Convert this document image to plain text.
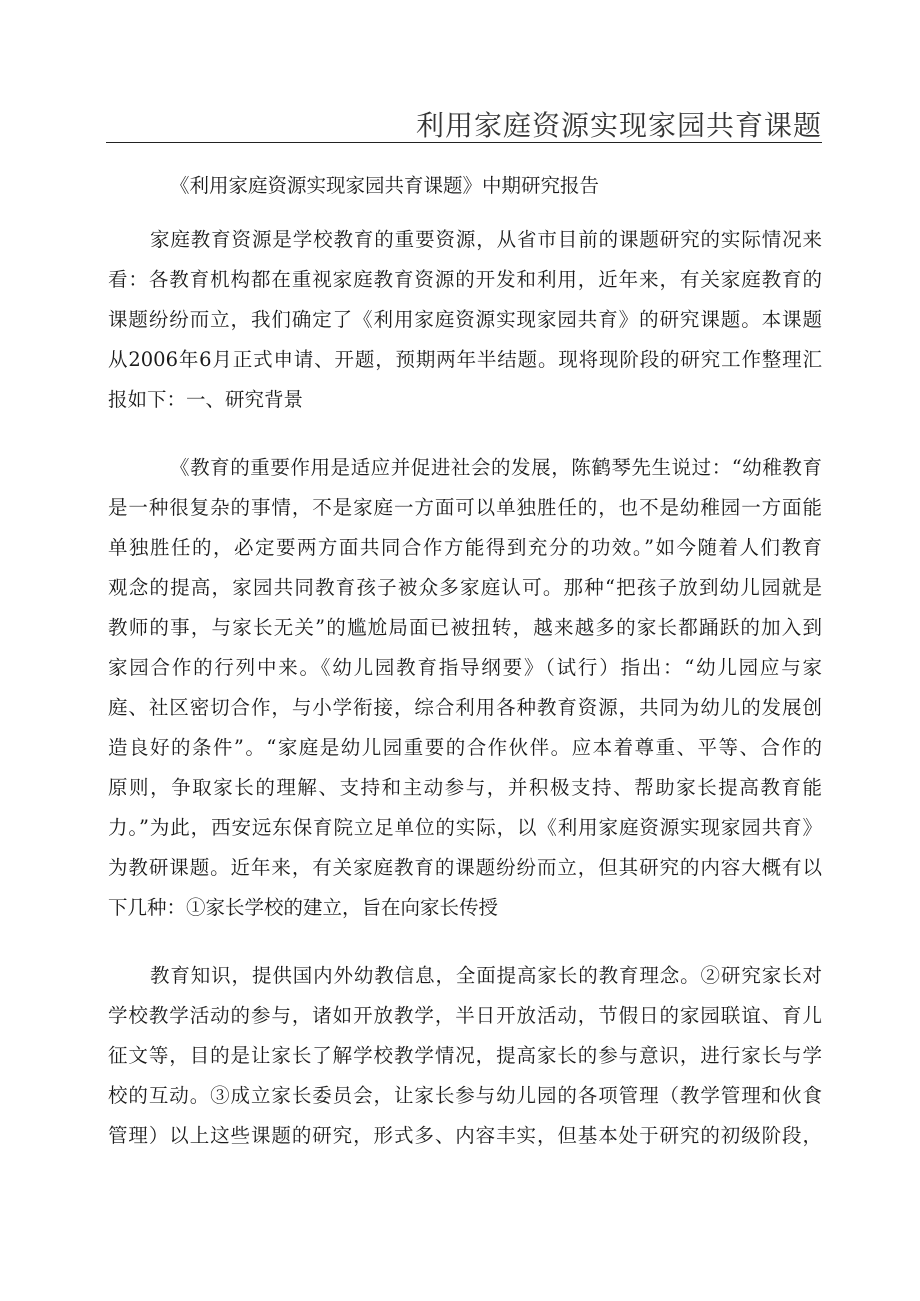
利用家庭资源实现家园共育课题
《利用家庭资源实现家园共育课题》中期研究报告
家庭教育资源是学校教育的重要资源，从省市目前的课题研究的实际情况来
看：各教育机构都在重视家庭教育资源的开发和利用，近年来，有关家庭教育的
课题纷纷而立，我们确定了《利用家庭资源实现家园共育》的研究课题。本课题
从2006年6月正式申请、开题，预期两年半结题。现将现阶段的研究工作整理汇
报如下：一、研究背景
《教育的重要作用是适应并促进社会的发展，陈鹤琴先生说过：“幼稚教育
是一种很复杂的事情，不是家庭一方面可以单独胜任的，也不是幼稚园一方面能
单独胜任的，必定要两方面共同合作方能得到充分的功效。”如今随着人们教育
观念的提高，家园共同教育孩子被众多家庭认可。那种“把孩子放到幼儿园就是
教师的事，与家长无关”的尴尬局面已被扭转，越来越多的家长都踊跃的加入到
家园合作的行列中来。《幼儿园教育指导纲要》（试行）指出：“幼儿园应与家
庭、社区密切合作，与小学衔接，综合利用各种教育资源，共同为幼儿的发展创
造良好的条件”。“家庭是幼儿园重要的合作伙伴。应本着尊重、平等、合作的
原则，争取家长的理解、支持和主动参与，并积极支持、帮助家长提高教育能
力。”为此，西安远东保育院立足单位的实际，以《利用家庭资源实现家园共育》
为教研课题。近年来，有关家庭教育的课题纷纷而立，但其研究的内容大概有以
下几种：①家长学校的建立，旨在向家长传授
教育知识，提供国内外幼教信息，全面提高家长的教育理念。②研究家长对
学校教学活动的参与，诸如开放教学，半日开放活动，节假日的家园联谊、育儿
征文等，目的是让家长了解学校教学情况，提高家长的参与意识，进行家长与学
校的互动。③成立家长委员会，让家长参与幼儿园的各项管理（教学管理和伙食
管理）以上这些课题的研究，形式多、内容丰实，但基本处于研究的初级阶段，
